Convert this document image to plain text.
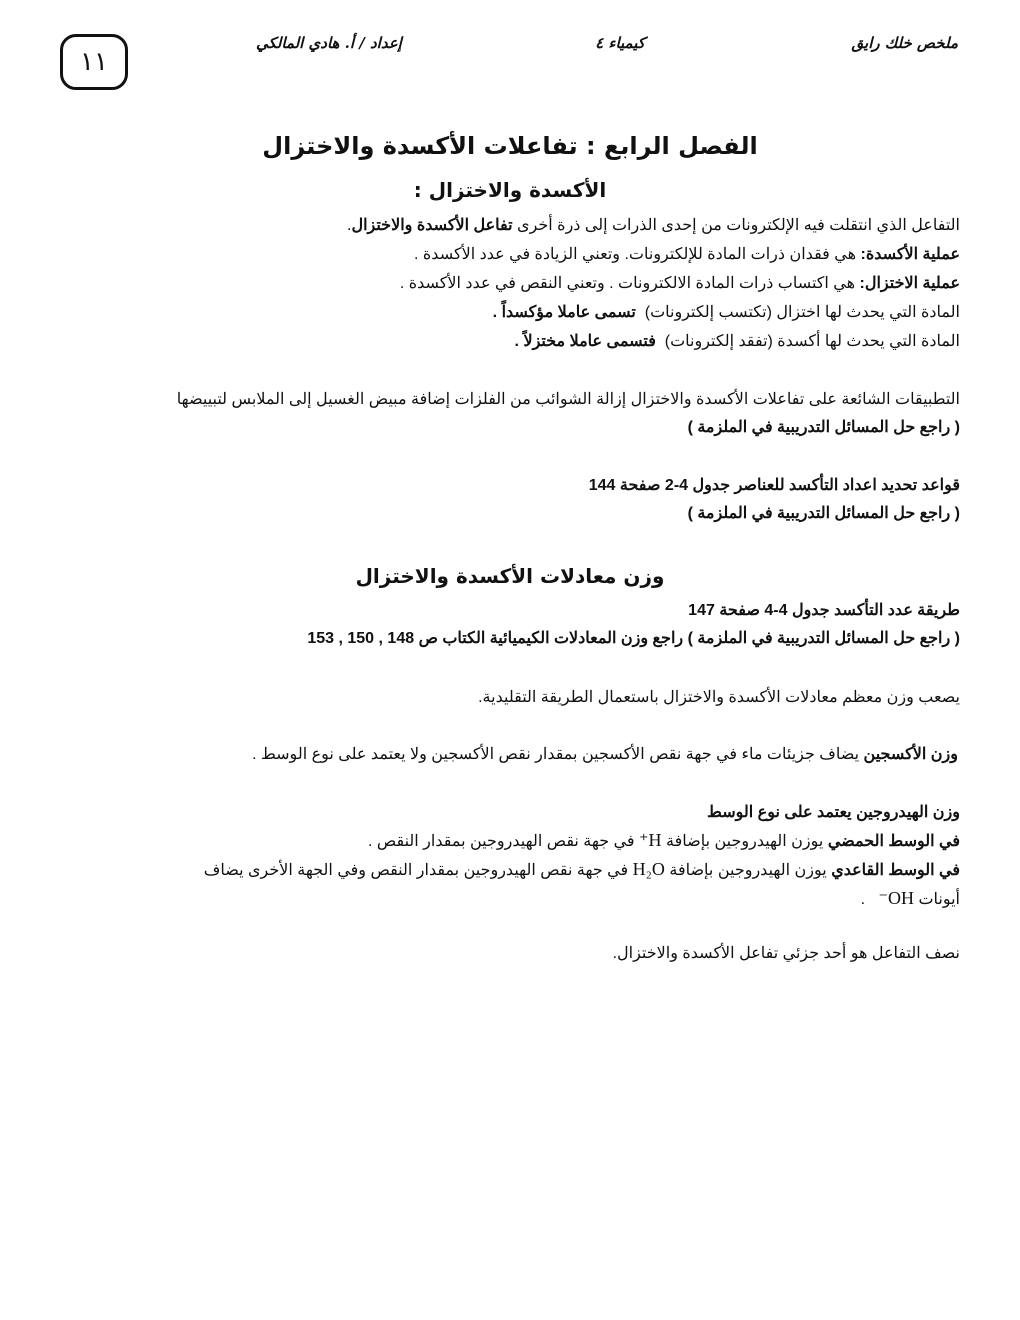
ملخص خلك رايق
كيمياء ٤
إعداد / أ. هادي المالكي
١١
الفصل الرابع : تفاعلات الأكسدة والاختزال
الأكسدة والاختزال :
التفاعل الذي انتقلت فيه الإلكترونات من إحدى الذرات إلى ذرة أخرى تفاعل الأكسدة والاختزال.
عملية الأكسدة: هي فقدان ذرات المادة للإلكترونات. وتعني الزيادة في عدد الأكسدة .
عملية الاختزال: هي اكتساب ذرات المادة الالكترونات . وتعني النقص في عدد الأكسدة .
المادة التي يحدث لها اختزال (تكتسب إلكترونات)  تسمى عاملا مؤكسداً .
المادة التي يحدث لها أكسدة (تفقد إلكترونات)  فتسمى عاملا مختزلاً .
التطبيقات الشائعة على تفاعلات الأكسدة والاختزال إزالة الشوائب من الفلزات إضافة مبيض الغسيل إلى الملابس لتبييضها
( راجع حل المسائل التدريبية في الملزمة )
قواعد تحديد اعداد التأكسد للعناصر جدول 4-2 صفحة 144
( راجع حل المسائل التدريبية في الملزمة )
وزن معادلات الأكسدة والاختزال
طريقة عدد التأكسد جدول 4-4 صفحة 147
( راجع حل المسائل التدريبية في الملزمة ) راجع وزن المعادلات الكيميائية الكتاب ص 148 , 150 , 153
يصعب وزن معظم معادلات الأكسدة والاختزال باستعمال الطريقة التقليدية.
وزن الأكسجين يضاف جزيئات ماء في جهة نقص الأكسجين بمقدار نقص الأكسجين ولا يعتمد على نوع الوسط .
وزن الهيدروجين يعتمد على نوع الوسط
في الوسط الحمضي يوزن الهيدروجين بإضافة H⁺ في جهة نقص الهيدروجين بمقدار النقص .
في الوسط القاعدي يوزن الهيدروجين بإضافة H₂O في جهة نقص الهيدروجين بمقدار النقص وفي الجهة الأخرى يضاف
أيونات OH⁻   .
نصف التفاعل هو أحد جزئي تفاعل الأكسدة والاختزال.
